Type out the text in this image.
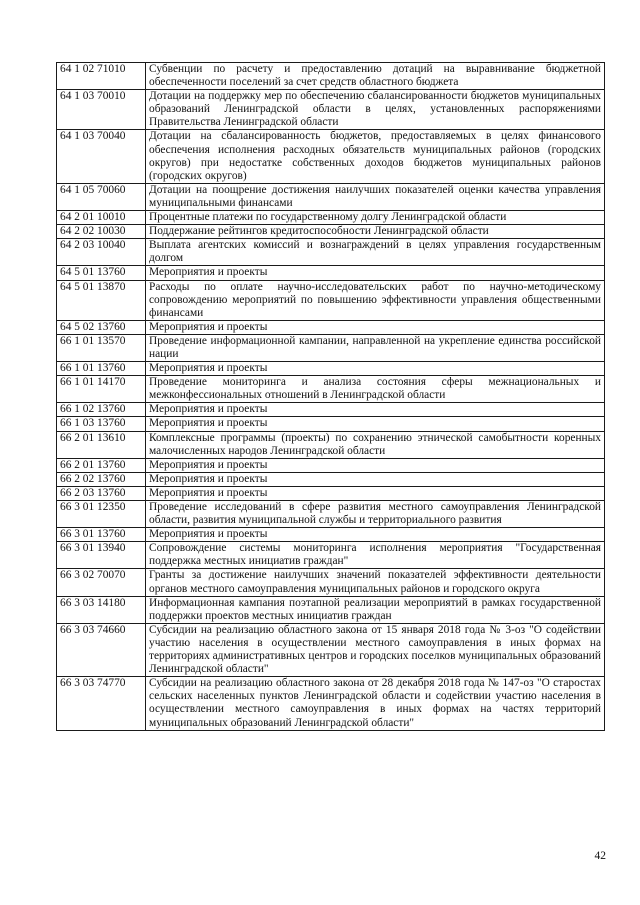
64 1 02 71010	Субвенции по расчету и предоставлению дотаций на выравнивание бюджетной обеспеченности поселений за счет средств областного бюджета
64 1 03 70010	Дотации на поддержку мер по обеспечению сбалансированности бюджетов муниципальных образований Ленинградской области в целях, установленных распоряжениями Правительства Ленинградской области
64 1 03 70040	Дотации на сбалансированность бюджетов, предоставляемых в целях финансового обеспечения исполнения расходных обязательств муниципальных районов (городских округов) при недостатке собственных доходов бюджетов муниципальных районов (городских округов)
64 1 05 70060	Дотации на поощрение достижения наилучших показателей оценки качества управления муниципальными финансами
64 2 01 10010	Процентные платежи по государственному долгу Ленинградской области
64 2 02 10030	Поддержание рейтингов кредитоспособности Ленинградской области
64 2 03 10040	Выплата агентских комиссий и вознаграждений в целях управления государственным долгом
64 5 01 13760	Мероприятия и проекты
64 5 01 13870	Расходы по оплате научно-исследовательских работ по научно-методическому сопровождению мероприятий по повышению эффективности управления общественными финансами
64 5 02 13760	Мероприятия и проекты
66 1 01 13570	Проведение информационной кампании, направленной на укрепление единства российской нации
66 1 01 13760	Мероприятия и проекты
66 1 01 14170	Проведение мониторинга и анализа состояния сферы межнациональных и межконфессиональных отношений в Ленинградской области
66 1 02 13760	Мероприятия и проекты
66 1 03 13760	Мероприятия и проекты
66 2 01 13610	Комплексные программы (проекты) по сохранению этнической самобытности коренных малочисленных народов Ленинградской области
66 2 01 13760	Мероприятия и проекты
66 2 02 13760	Мероприятия и проекты
66 2 03 13760	Мероприятия и проекты
66 3 01 12350	Проведение исследований в сфере развития местного самоуправления Ленинградской области, развития муниципальной службы и территориального развития
66 3 01 13760	Мероприятия и проекты
66 3 01 13940	Сопровождение системы мониторинга исполнения мероприятия "Государственная поддержка местных инициатив граждан"
66 3 02 70070	Гранты за достижение наилучших значений показателей эффективности деятельности органов местного самоуправления муниципальных районов и городского округа
66 3 03 14180	Информационная кампания поэтапной реализации мероприятий в рамках государственной поддержки проектов местных инициатив граждан
66 3 03 74660	Субсидии на реализацию областного закона от 15 января 2018 года № 3-оз "О содействии участию населения в осуществлении местного самоуправления в иных формах на территориях административных центров и городских поселков муниципальных образований Ленинградской области"
66 3 03 74770	Субсидии на реализацию областного закона от 28 декабря 2018 года № 147-оз "О старостах сельских населенных пунктов Ленинградской области и содействии участию населения в осуществлении местного самоуправления в иных формах на частях территорий муниципальных образований Ленинградской области"
42
